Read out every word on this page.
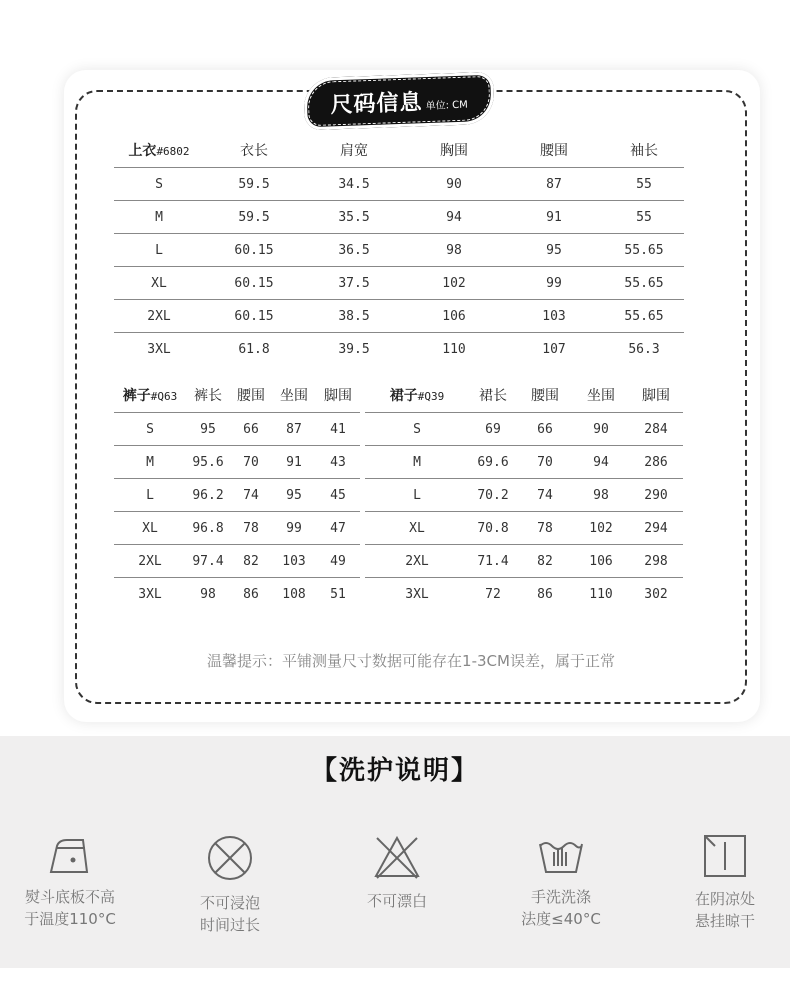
尺码信息 单位: CM
上衣#6802	衣长	肩宽	胸围	腰围	袖长
S	59.5	34.5	90	87	55
M	59.5	35.5	94	91	55
L	60.15	36.5	98	95	55.65
XL	60.15	37.5	102	99	55.65
2XL	60.15	38.5	106	103	55.65
3XL	61.8	39.5	110	107	56.3
裤子#Q63	裤长	腰围	坐围	脚围
S	95	66	87	41
M	95.6	70	91	43
L	96.2	74	95	45
XL	96.8	78	99	47
2XL	97.4	82	103	49
3XL	98	86	108	51
裙子#Q39	裙长	腰围	坐围	脚围
S	69	66	90	284
M	69.6	70	94	286
L	70.2	74	98	290
XL	70.8	78	102	294
2XL	71.4	82	106	298
3XL	72	86	110	302
温馨提示：平铺测量尺寸数据可能存在1-3CM误差，属于正常
【洗护说明】
熨斗底板不高
于温度110°C
不可浸泡
时间过长
不可漂白	手洗洗涤
法度≤40°C
在阴凉处
悬挂晾干
